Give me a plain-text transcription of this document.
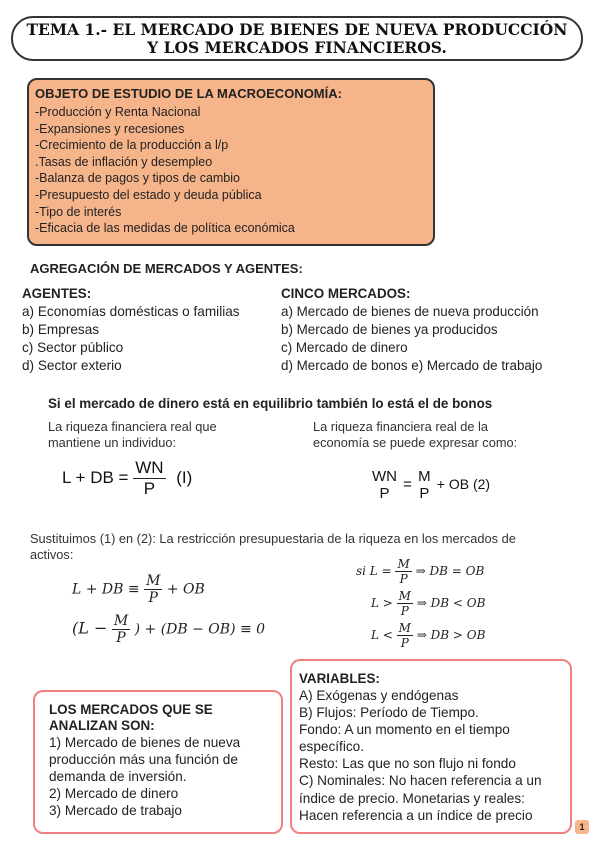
TEMA 1.- EL MERCADO DE BIENES DE NUEVA PRODUCCIÓN
Y LOS MERCADOS FINANCIEROS.
OBJETO DE ESTUDIO DE LA MACROECONOMÍA:
-Producción y Renta Nacional
-Expansiones y recesiones
-Crecimiento de la producción a l/p
.Tasas de inflación y desempleo
-Balanza de pagos y tipos de cambio
-Presupuesto del estado y deuda pública
-Tipo de interés
-Eficacia de las medidas de política económica
AGREGACIÓN DE MERCADOS Y AGENTES:
AGENTES:
a) Economías domésticas o familias
b) Empresas
c) Sector público
d) Sector exterio
CINCO MERCADOS:
a) Mercado de bienes de nueva producción
b) Mercado de bienes ya producidos
c) Mercado de dinero
d) Mercado de bonos e) Mercado de trabajo
Si el mercado de dinero está en equilibrio también lo está el de bonos
La riqueza financiera real que
mantiene un individuo:
La riqueza financiera real de la
economía se puede expresar como:
L + DB = $\frac{WN}{P} (I)$	WN
P
= M
P
+ OB (2)
Sustituimos (1) en (2): La restricción presupuestaria de la riqueza en los mercados de
activos:
L + DB ≡ $\frac{M}{P}$ + OB
($L - \frac{M}{P}$ ) + (DB − OB) ≡ 0
si $L = \frac{M}{P}$ ⇒ DB = OB
$L > \frac{M}{P}$ ⇒ DB < OB
$L < \frac{M}{P}$ ⇒ DB > OB
LOS MERCADOS QUE SE
ANALIZAN SON:
1) Mercado de bienes de nueva
producción más una función de
demanda de inversión.
2) Mercado de dinero
3) Mercado de trabajo
VARIABLES:
A) Exógenas y endógenas
B) Flujos: Período de Tiempo.
Fondo: A un momento en el tiempo
específico.
Resto: Las que no son flujo ni fondo
C) Nominales: No hacen referencia a un
índice de precio. Monetarias y reales:
Hacen referencia a un índice de precio
1
